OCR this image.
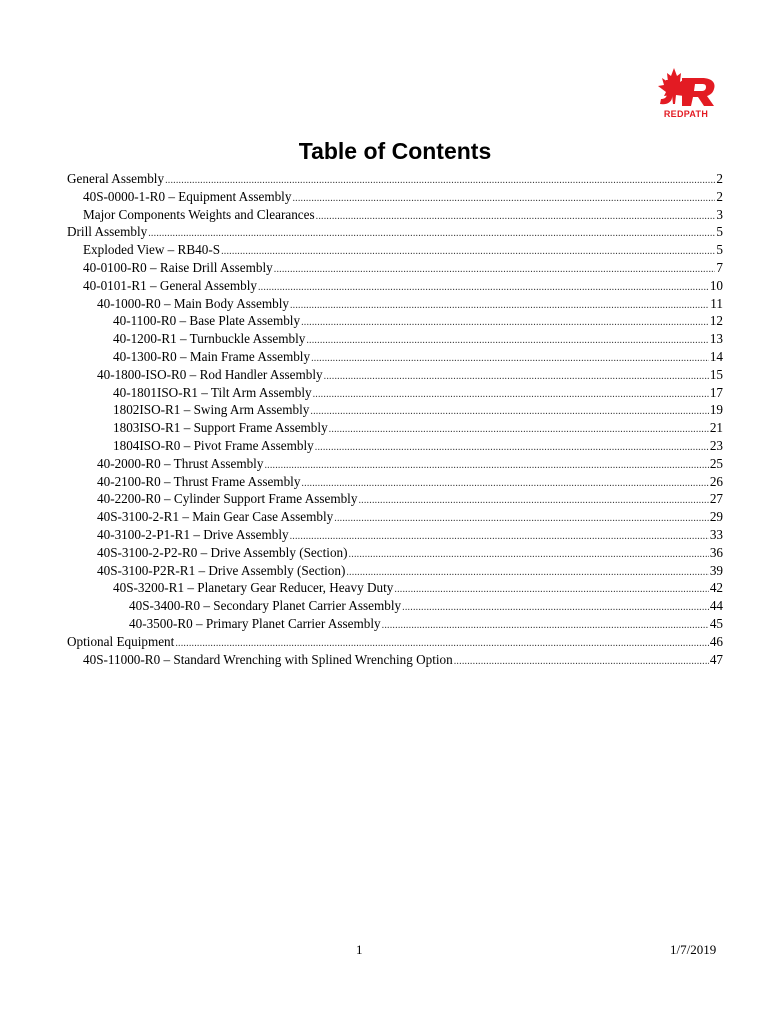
REDPATH
Table of Contents
General Assembly .....	2
40S-0000-1-R0 – Equipment Assembly .....	2
Major Components Weights and Clearances .....	3
Drill Assembly .....	5
Exploded View – RB40-S .....	5
40-0100-R0 – Raise Drill Assembly .....	7
40-0101-R1 – General Assembly .....	10
40-1000-R0 – Main Body Assembly .....	11
40-1100-R0 – Base Plate Assembly .....	12
40-1200-R1 – Turnbuckle Assembly .....	13
40-1300-R0 – Main Frame Assembly .....	14
40-1800-ISO-R0 – Rod Handler Assembly .....	15
40-1801ISO-R1 – Tilt Arm Assembly .....	17
1802ISO-R1 – Swing Arm Assembly .....	19
1803ISO-R1 – Support Frame Assembly .....	21
1804ISO-R0 – Pivot Frame Assembly .....	23
40-2000-R0 – Thrust Assembly .....	25
40-2100-R0 – Thrust Frame Assembly .....	26
40-2200-R0 – Cylinder Support Frame Assembly .....	27
40S-3100-2-R1 – Main Gear Case Assembly .....	29
40-3100-2-P1-R1 – Drive Assembly .....	33
40S-3100-2-P2-R0 – Drive Assembly (Section) .....	36
40S-3100-P2R-R1 – Drive Assembly (Section) .....	39
40S-3200-R1 – Planetary Gear Reducer, Heavy Duty .....	42
40S-3400-R0 – Secondary Planet Carrier Assembly .....	44
40-3500-R0 – Primary Planet Carrier Assembly .....	45
Optional Equipment .....	46
40S-11000-R0 – Standard Wrenching with Splined Wrenching Option .....	47
1	1/7/2019
